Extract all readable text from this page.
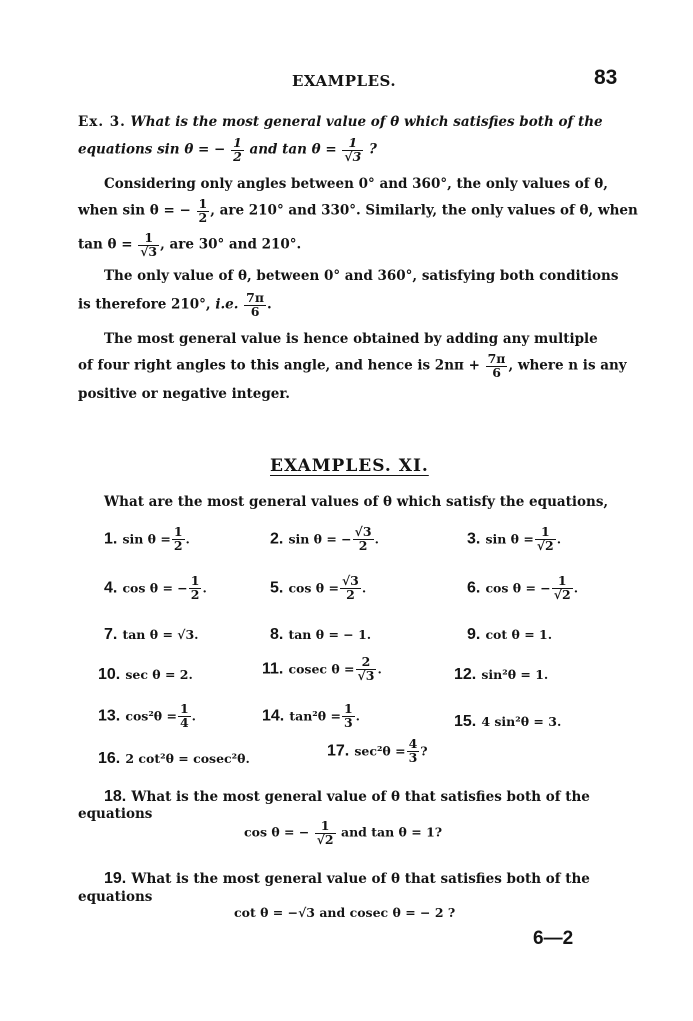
EXAMPLES.	83
Ex. 3. What is the most general value of θ which satisfies both of the
equations sin θ = − $\frac{1}{2}$ and $\tan \theta = \frac{1}{√3}$ ?
Considering only angles between 0° and 360°, the only values of θ,
when sin θ = − $\frac{1}{2}$ , are 210° and 330°. Similarly, the only values of θ, when
$\tan \theta = \frac{1}{√3}$ , are 30° and 210°.
The only value of θ, between 0° and 360°, satisfying both conditions
is therefore 210°, i.e. $\frac{7\pi}{6}$ .
The most general value is hence obtained by adding any multiple
of four right angles to this angle, and hence is $2n\pi + \frac{7\pi}{6}$ , where n is any
positive or negative integer.
EXAMPLES. XI.
What are the most general values of θ which satisfy the equations,
1. $\sin \theta = \frac{1}{2}$ .	2. sin θ = − $\frac{√3}{2}$ .	3. $\sin \theta = \frac{1}{√2}$ .
4. cos θ = − $\frac{1}{2}$ .	5. $\cos \theta = \frac{√3}{2}$ .	6. cos θ = − $\frac{1}{√2}$ .
7. tan θ = √3.	8. tan θ = − 1.	9. cot θ = 1.
10. sec θ = 2.	11. cosec $\theta = \frac{2}{√3}$ .	12. sin²θ = 1.
13. $\cos^2\theta = \frac{1}{4}$ .	14. $\tan^2\theta = \frac{1}{3}$ .	15. 4 sin²θ = 3.
16. 2 cot²θ = cosec²θ.	17. $\sec^2\theta = \frac{4}{3}$ ?
18. What is the most general value of θ that satisfies both of the
equations
cos θ = − $\frac{1}{√2}$ and tan θ = 1?
19. What is the most general value of θ that satisfies both of the
equations
cot θ = −√3 and cosec θ = − 2 ?
6—2
